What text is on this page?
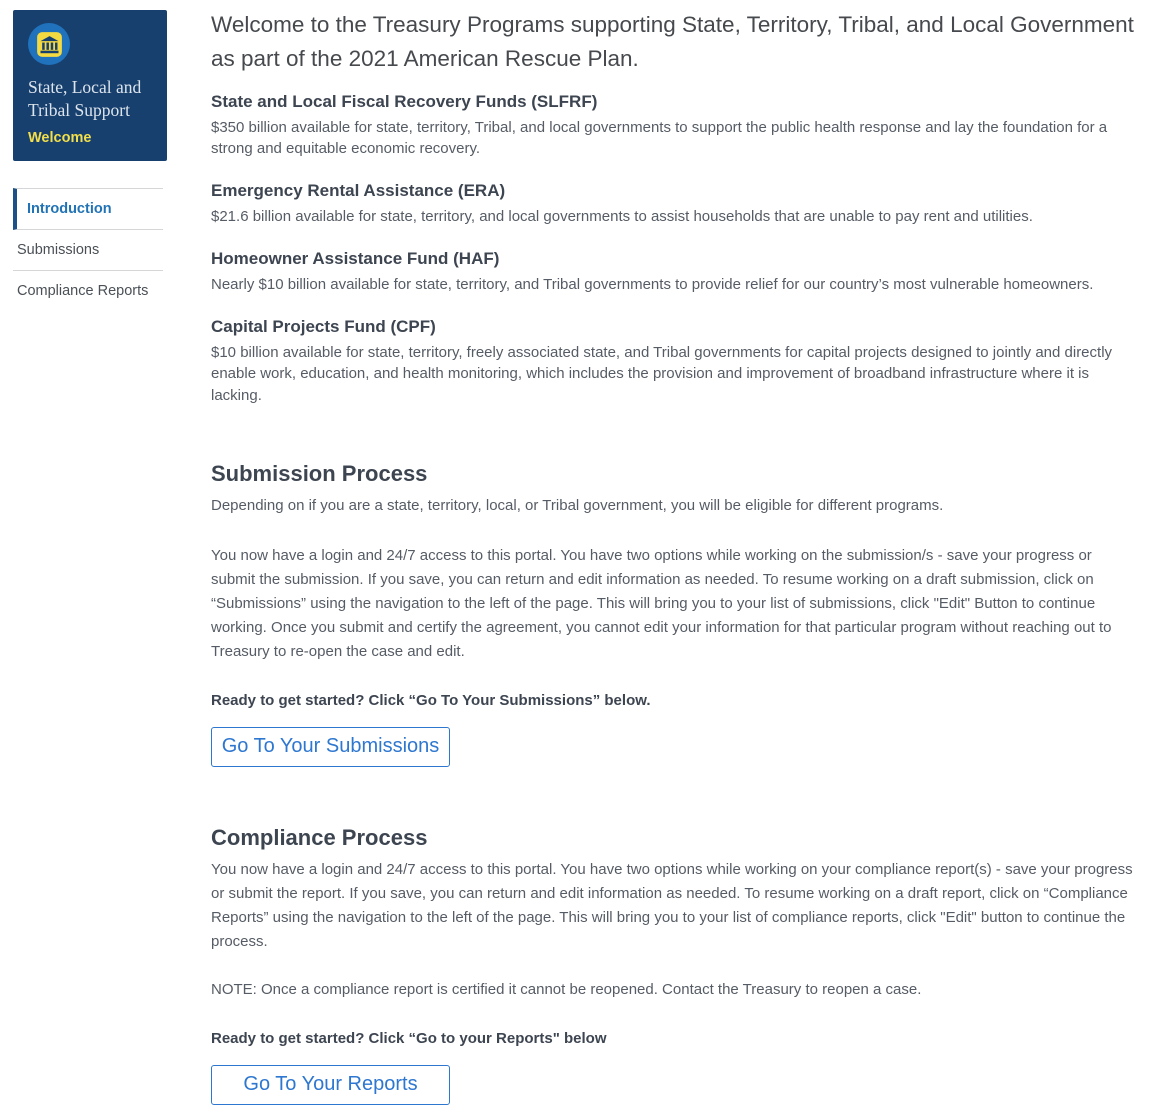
State, Local and Tribal Support
Welcome
Introduction
Submissions
Compliance Reports
Welcome to the Treasury Programs supporting State, Territory, Tribal, and Local Government as part of the 2021 American Rescue Plan.
State and Local Fiscal Recovery Funds (SLFRF)

$350 billion available for state, territory, Tribal, and local governments to support the public health response and lay the foundation for a strong and equitable economic recovery.

Emergency Rental Assistance (ERA)

$21.6 billion available for state, territory, and local governments to assist households that are unable to pay rent and utilities.

Homeowner Assistance Fund (HAF)

Nearly $10 billion available for state, territory, and Tribal governments to provide relief for our country’s most vulnerable homeowners.

Capital Projects Fund (CPF)

$10 billion available for state, territory, freely associated state, and Tribal governments for capital projects designed to jointly and directly enable work, education, and health monitoring, which includes the provision and improvement of broadband infrastructure where it is lacking.

Submission Process

Depending on if you are a state, territory, local, or Tribal government, you will be eligible for different programs.

You now have a login and 24/7 access to this portal. You have two options while working on the submission/s - save your progress or submit the submission. If you save, you can return and edit information as needed. To resume working on a draft submission, click on “Submissions” using the navigation to the left of the page. This will bring you to your list of submissions, click "Edit" Button to continue working. Once you submit and certify the agreement, you cannot edit your information for that particular program without reaching out to Treasury to re-open the case and edit.

Ready to get started? Click “Go To Your Submissions” below.
Go To Your Submissions
Compliance Process

You now have a login and 24/7 access to this portal. You have two options while working on your compliance report(s) - save your progress or submit the report. If you save, you can return and edit information as needed. To resume working on a draft report, click on “Compliance Reports” using the navigation to the left of the page. This will bring you to your list of compliance reports, click "Edit" button to continue the process.

NOTE: Once a compliance report is certified it cannot be reopened. Contact the Treasury to reopen a case.

Ready to get started? Click “Go to your Reports" below
Go To Your Reports
